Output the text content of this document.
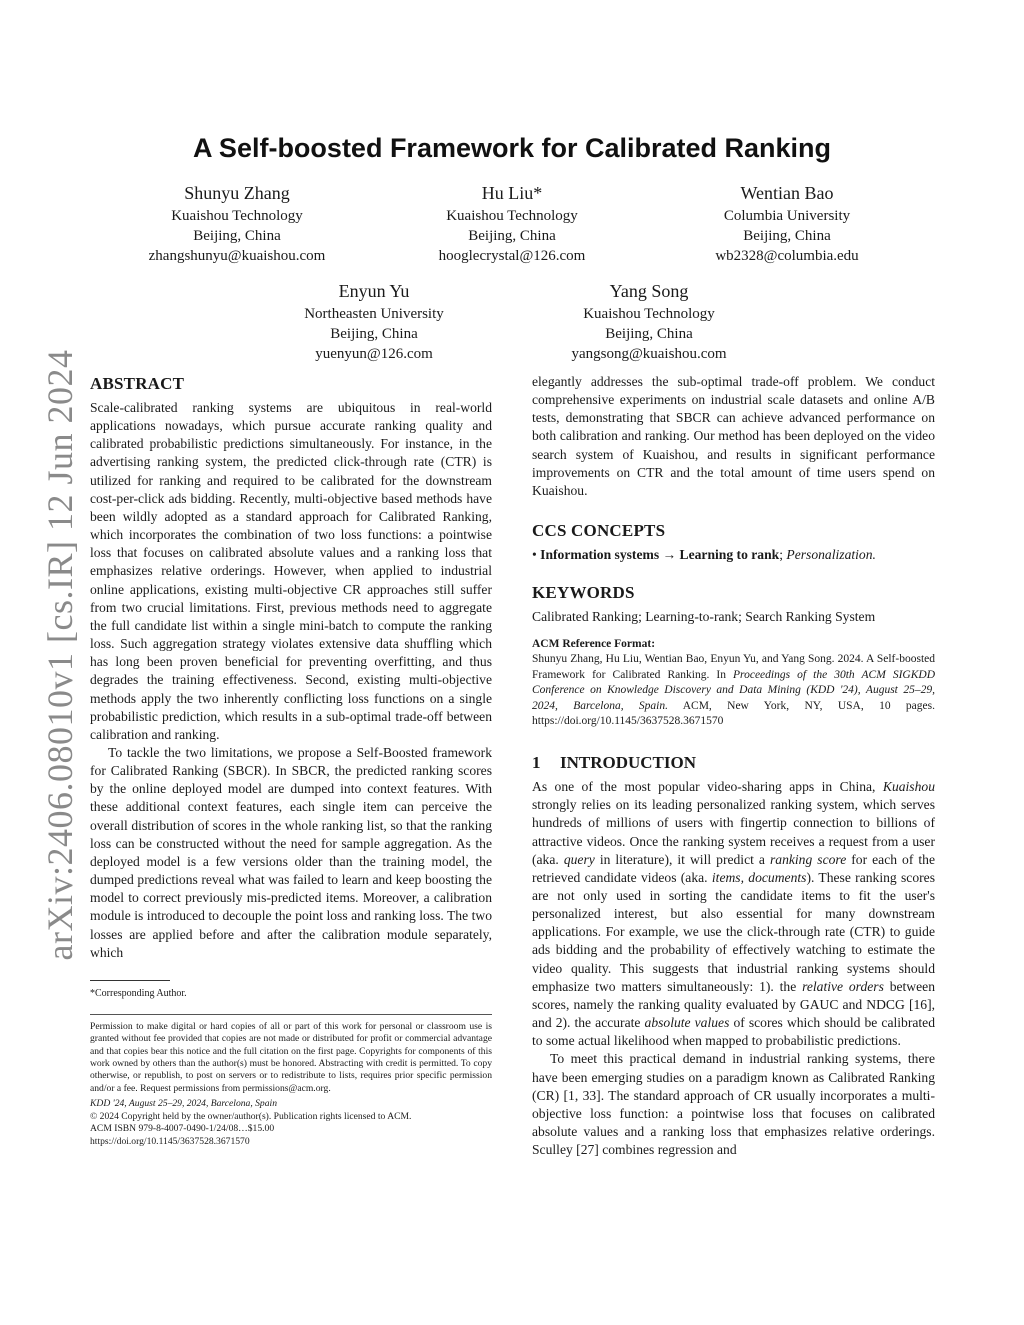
arXiv:2406.08010v1 [cs.IR] 12 Jun 2024
A Self-boosted Framework for Calibrated Ranking
Shunyu Zhang
Kuaishou Technology
Beijing, China
zhangshunyu@kuaishou.com
Hu Liu*
Kuaishou Technology
Beijing, China
hooglecrystal@126.com
Wentian Bao
Columbia University
Beijing, China
wb2328@columbia.edu
Enyun Yu
Northeasten University
Beijing, China
yuenyun@126.com
Yang Song
Kuaishou Technology
Beijing, China
yangsong@kuaishou.com
ABSTRACT

Scale-calibrated ranking systems are ubiquitous in real-world applications nowadays, which pursue accurate ranking quality and calibrated probabilistic predictions simultaneously. For instance, in the advertising ranking system, the predicted click-through rate (CTR) is utilized for ranking and required to be calibrated for the downstream cost-per-click ads bidding. Recently, multi-objective based methods have been wildly adopted as a standard approach for Calibrated Ranking, which incorporates the combination of two loss functions: a pointwise loss that focuses on calibrated absolute values and a ranking loss that emphasizes relative orderings. However, when applied to industrial online applications, existing multi-objective CR approaches still suffer from two crucial limitations. First, previous methods need to aggregate the full candidate list within a single mini-batch to compute the ranking loss. Such aggregation strategy violates extensive data shuffling which has long been proven beneficial for preventing overfitting, and thus degrades the training effectiveness. Second, existing multi-objective methods apply the two inherently conflicting loss functions on a single probabilistic prediction, which results in a sub-optimal trade-off between calibration and ranking.

To tackle the two limitations, we propose a Self-Boosted framework for Calibrated Ranking (SBCR). In SBCR, the predicted ranking scores by the online deployed model are dumped into context features. With these additional context features, each single item can perceive the overall distribution of scores in the whole ranking list, so that the ranking loss can be constructed without the need for sample aggregation. As the deployed model is a few versions older than the training model, the dumped predictions reveal what was failed to learn and keep boosting the model to correct previously mis-predicted items. Moreover, a calibration module is introduced to decouple the point loss and ranking loss. The two losses are applied before and after the calibration module separately, which

*Corresponding Author.

Permission to make digital or hard copies of all or part of this work for personal or classroom use is granted without fee provided that copies are not made or distributed for profit or commercial advantage and that copies bear this notice and the full citation on the first page. Copyrights for components of this work owned by others than the author(s) must be honored. Abstracting with credit is permitted. To copy otherwise, or republish, to post on servers or to redistribute to lists, requires prior specific permission and/or a fee. Request permissions from permissions@acm.org.

KDD '24, August 25–29, 2024, Barcelona, Spain

© 2024 Copyright held by the owner/author(s). Publication rights licensed to ACM.

ACM ISBN 979-8-4007-0490-1/24/08…$15.00

https://doi.org/10.1145/3637528.3671570

elegantly addresses the sub-optimal trade-off problem. We conduct comprehensive experiments on industrial scale datasets and online A/B tests, demonstrating that SBCR can achieve advanced performance on both calibration and ranking. Our method has been deployed on the video search system of Kuaishou, and results in significant performance improvements on CTR and the total amount of time users spend on Kuaishou.

CCS CONCEPTS

• Information systems → Learning to rank; Personalization.

KEYWORDS

Calibrated Ranking; Learning-to-rank; Search Ranking System

ACM Reference Format:

Shunyu Zhang, Hu Liu, Wentian Bao, Enyun Yu, and Yang Song. 2024. A Self-boosted Framework for Calibrated Ranking. In Proceedings of the 30th ACM SIGKDD Conference on Knowledge Discovery and Data Mining (KDD '24), August 25–29, 2024, Barcelona, Spain. ACM, New York, NY, USA, 10 pages. https://doi.org/10.1145/3637528.3671570

1 INTRODUCTION

As one of the most popular video-sharing apps in China, Kuaishou strongly relies on its leading personalized ranking system, which serves hundreds of millions of users with fingertip connection to billions of attractive videos. Once the ranking system receives a request from a user (aka. query in literature), it will predict a ranking score for each of the retrieved candidate videos (aka. items, documents). These ranking scores are not only used in sorting the candidate items to fit the user's personalized interest, but also essential for many downstream applications. For example, we use the click-through rate (CTR) to guide ads bidding and the probability of effectively watching to estimate the video quality. This suggests that industrial ranking systems should emphasize two matters simultaneously: 1). the relative orders between scores, namely the ranking quality evaluated by GAUC and NDCG [16], and 2). the accurate absolute values of scores which should be calibrated to some actual likelihood when mapped to probabilistic predictions.

To meet this practical demand in industrial ranking systems, there have been emerging studies on a paradigm known as Calibrated Ranking (CR) [1, 33]. The standard approach of CR usually incorporates a multi-objective loss function: a pointwise loss that focuses on calibrated absolute values and a ranking loss that emphasizes relative orderings. Sculley [27] combines regression and
